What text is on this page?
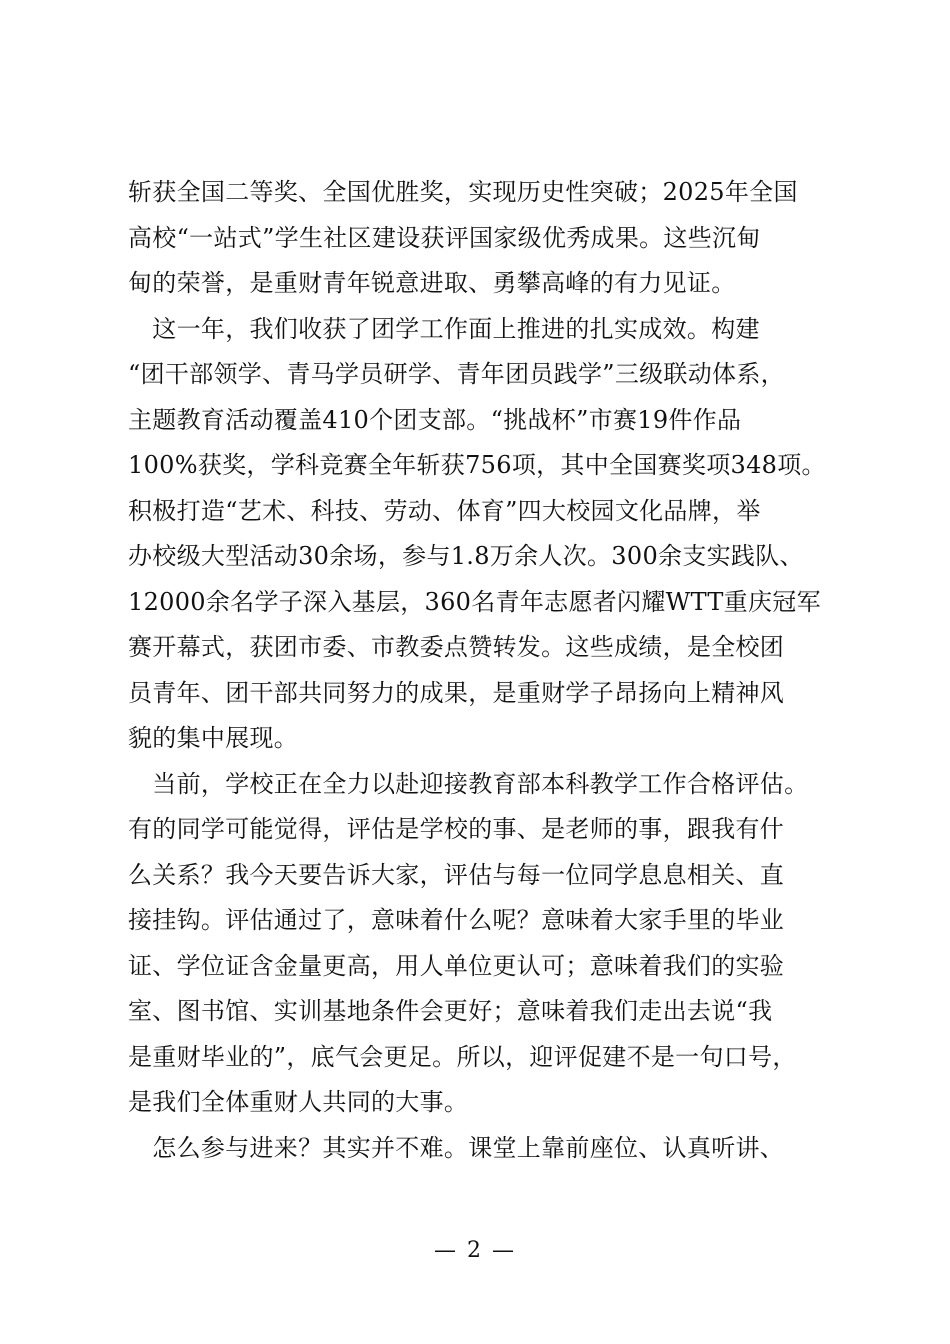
斩获全国二等奖、全国优胜奖，实现历史性突破；2025年全国
高校“一站式”学生社区建设获评国家级优秀成果。这些沉甸
甸的荣誉，是重财青年锐意进取、勇攀高峰的有力见证。
　这一年，我们收获了团学工作面上推进的扎实成效。构建
“团干部领学、青马学员研学、青年团员践学”三级联动体系，
主题教育活动覆盖410个团支部。“挑战杯”市赛19件作品
100%获奖，学科竞赛全年斩获756项，其中全国赛奖项348项。
积极打造“艺术、科技、劳动、体育”四大校园文化品牌，举
办校级大型活动30余场，参与1.8万余人次。300余支实践队、
12000余名学子深入基层，360名青年志愿者闪耀WTT重庆冠军
赛开幕式，获团市委、市教委点赞转发。这些成绩，是全校团
员青年、团干部共同努力的成果，是重财学子昂扬向上精神风
貌的集中展现。
　当前，学校正在全力以赴迎接教育部本科教学工作合格评估。
有的同学可能觉得，评估是学校的事、是老师的事，跟我有什
么关系？我今天要告诉大家，评估与每一位同学息息相关、直
接挂钩。评估通过了，意味着什么呢？意味着大家手里的毕业
证、学位证含金量更高，用人单位更认可；意味着我们的实验
室、图书馆、实训基地条件会更好；意味着我们走出去说“我
是重财毕业的”，底气会更足。所以，迎评促建不是一句口号，
是我们全体重财人共同的大事。
　怎么参与进来？其实并不难。课堂上靠前座位、认真听讲、
— 2 —
